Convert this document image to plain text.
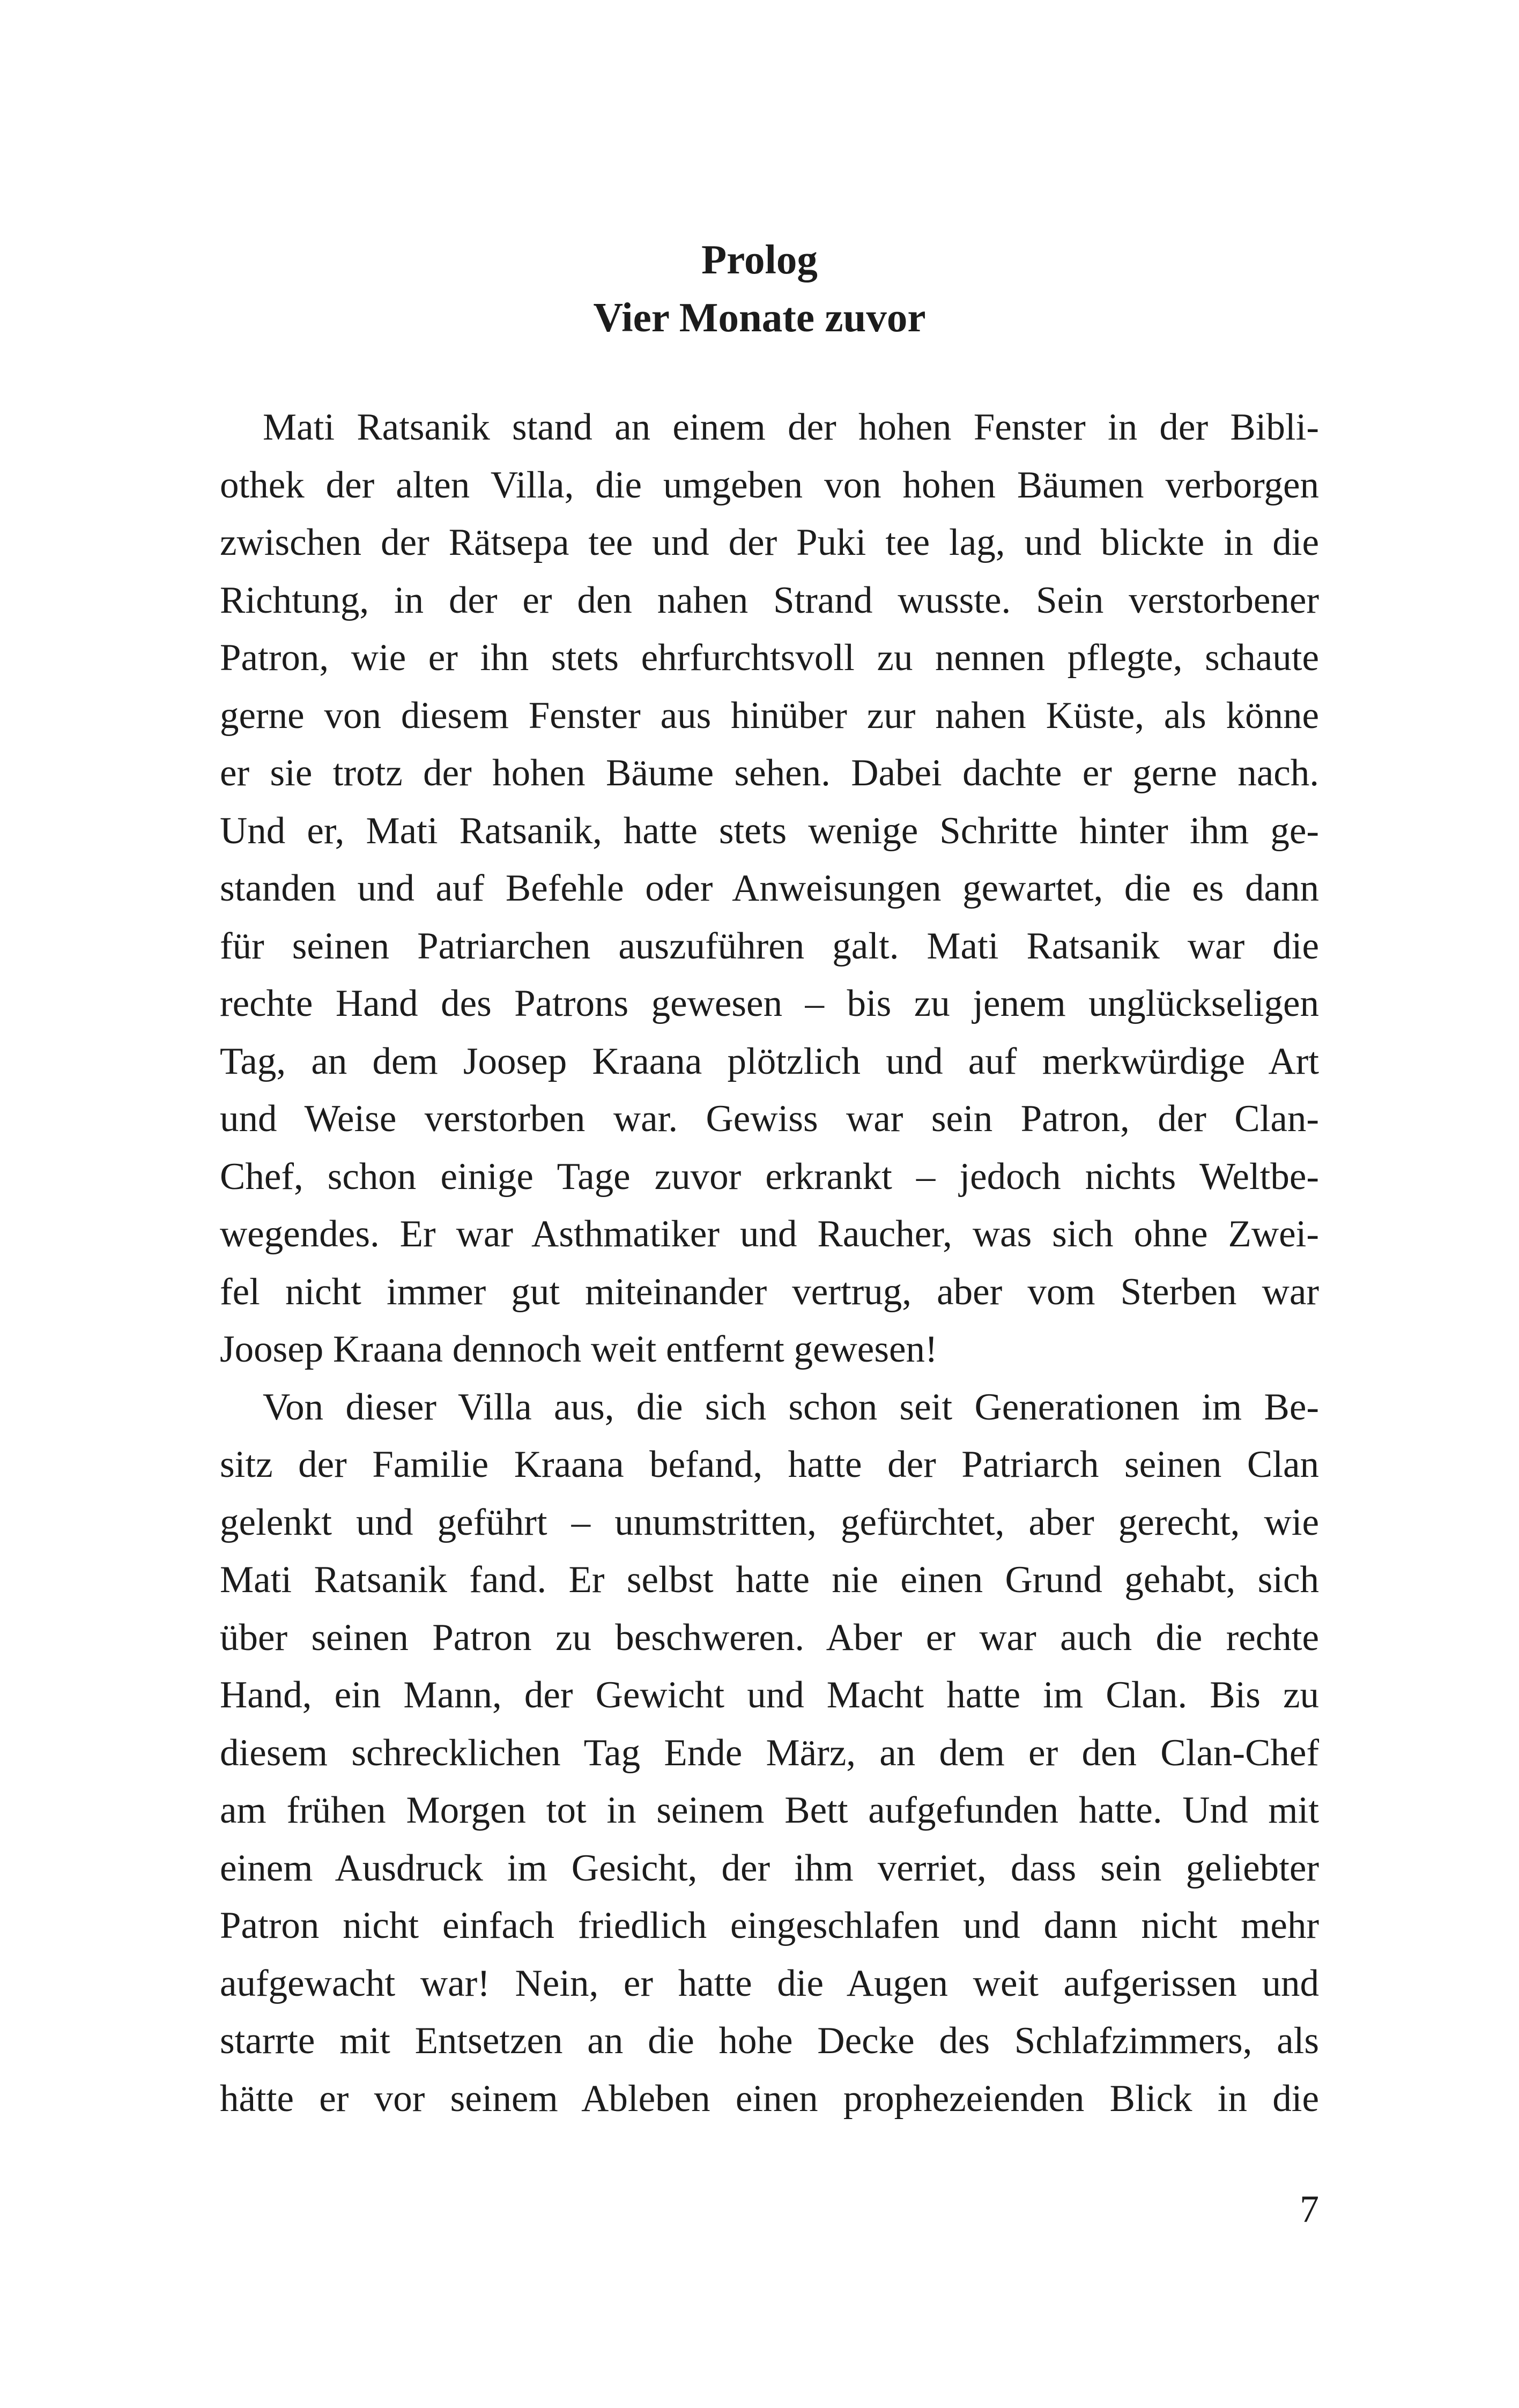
Prolog

Vier Monate zuvor

Mati Ratsanik stand an einem der hohen Fenster in der Bibli-
othek der alten Villa, die umgeben von hohen Bäumen verborgen
zwischen der Rätsepa tee und der Puki tee lag, und blickte in die
Richtung, in der er den nahen Strand wusste. Sein verstorbener
Patron, wie er ihn stets ehrfurchtsvoll zu nennen pflegte, schaute
gerne von diesem Fenster aus hinüber zur nahen Küste, als könne
er sie trotz der hohen Bäume sehen. Dabei dachte er gerne nach.
Und er, Mati Ratsanik, hatte stets wenige Schritte hinter ihm ge-
standen und auf Befehle oder Anweisungen gewartet, die es dann
für seinen Patriarchen auszuführen galt. Mati Ratsanik war die
rechte Hand des Patrons gewesen – bis zu jenem unglückseligen
Tag, an dem Joosep Kraana plötzlich und auf merkwürdige Art
und Weise verstorben war. Gewiss war sein Patron, der Clan-
Chef, schon einige Tage zuvor erkrankt – jedoch nichts Weltbe-
wegendes. Er war Asthmatiker und Raucher, was sich ohne Zwei-
fel nicht immer gut miteinander vertrug, aber vom Sterben war
Joosep Kraana dennoch weit entfernt gewesen!
Von dieser Villa aus, die sich schon seit Generationen im Be-
sitz der Familie Kraana befand, hatte der Patriarch seinen Clan
gelenkt und geführt – unumstritten, gefürchtet, aber gerecht, wie
Mati Ratsanik fand. Er selbst hatte nie einen Grund gehabt, sich
über seinen Patron zu beschweren. Aber er war auch die rechte
Hand, ein Mann, der Gewicht und Macht hatte im Clan. Bis zu
diesem schrecklichen Tag Ende März, an dem er den Clan-Chef
am frühen Morgen tot in seinem Bett aufgefunden hatte. Und mit
einem Ausdruck im Gesicht, der ihm verriet, dass sein geliebter
Patron nicht einfach friedlich eingeschlafen und dann nicht mehr
aufgewacht war! Nein, er hatte die Augen weit aufgerissen und
starrte mit Entsetzen an die hohe Decke des Schlafzimmers, als
hätte er vor seinem Ableben einen prophezeienden Blick in die
7
